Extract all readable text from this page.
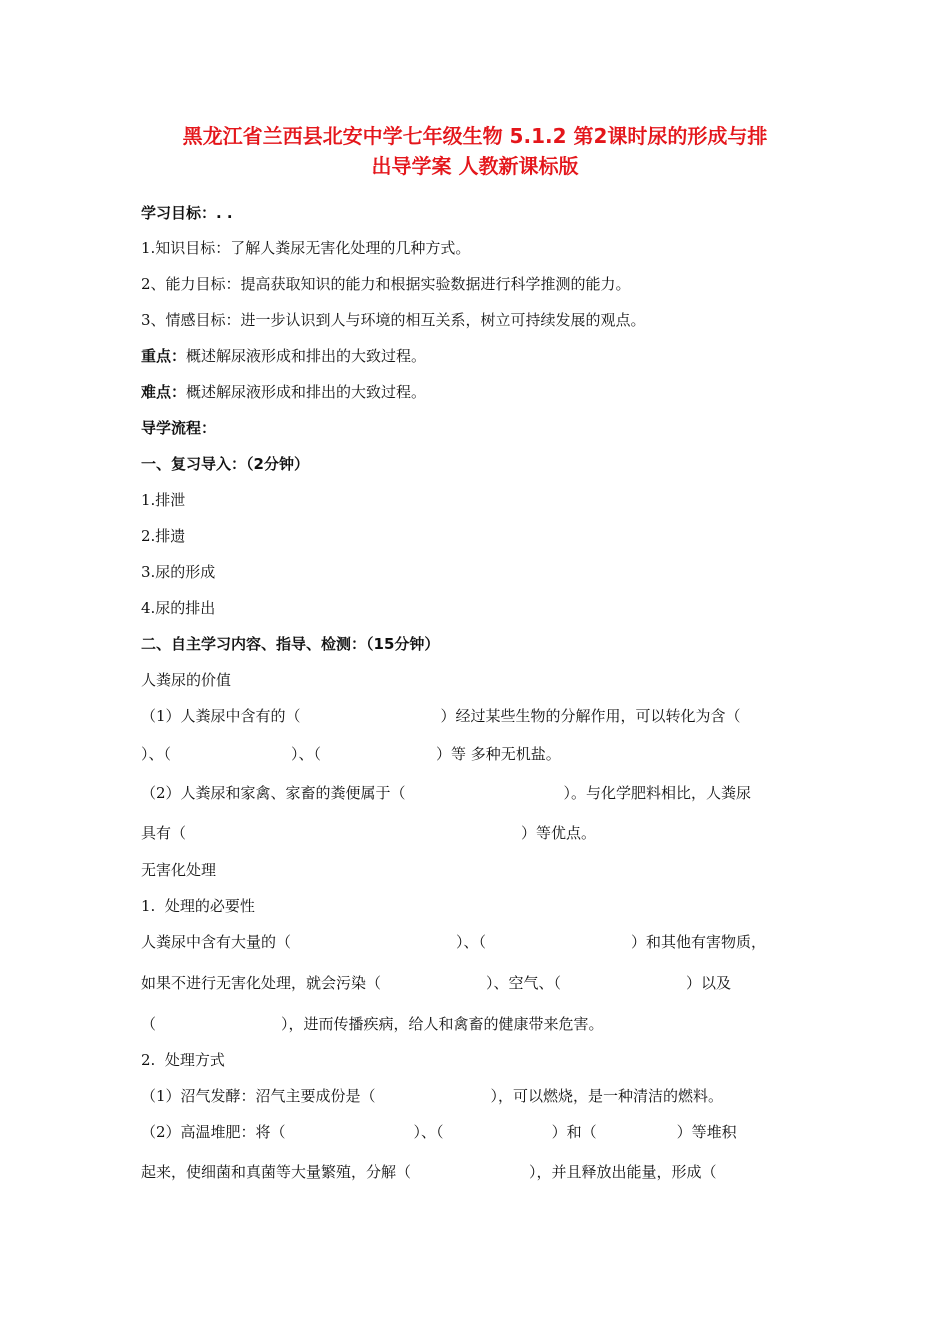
黑龙江省兰西县北安中学七年级生物 5.1.2 第2课时尿的形成与排
出导学案 人教新课标版
学习目标：. .
1.知识目标：了解人粪尿无害化处理的几种方式。
2、能力目标：提高获取知识的能力和根据实验数据进行科学推测的能力。
3、情感目标：进一步认识到人与环境的相互关系，树立可持续发展的观点。
重点：概述解尿液形成和排出的大致过程。
难点：概述解尿液形成和排出的大致过程。
导学流程：
一、复习导入：（2分钟）
1.排泄
2.排遗
3.尿的形成
4.尿的排出
二、自主学习内容、指导、检测：（15分钟）
人粪尿的价值
（1）人粪尿中含有的（	）经过某些生物的分解作用，可以转化为含（
）、（	）、（	）等 多种无机盐。
（2）人粪尿和家禽、家畜的粪便属于（	）。与化学肥料相比，人粪尿
具有（	）等优点。
无害化处理
1.  处理的必要性
人粪尿中含有大量的（	）、（	）和其他有害物质，
如果不进行无害化处理，就会污染（	）、空气、（	）以及
（	），进而传播疾病，给人和禽畜的健康带来危害。
2.  处理方式
（1）沼气发酵：沼气主要成份是（	），可以燃烧，是一种清洁的燃料。
（2）高温堆肥：将（	）、（	）和（	）等堆积
起来，使细菌和真菌等大量繁殖，分解（	），并且释放出能量，形成（
